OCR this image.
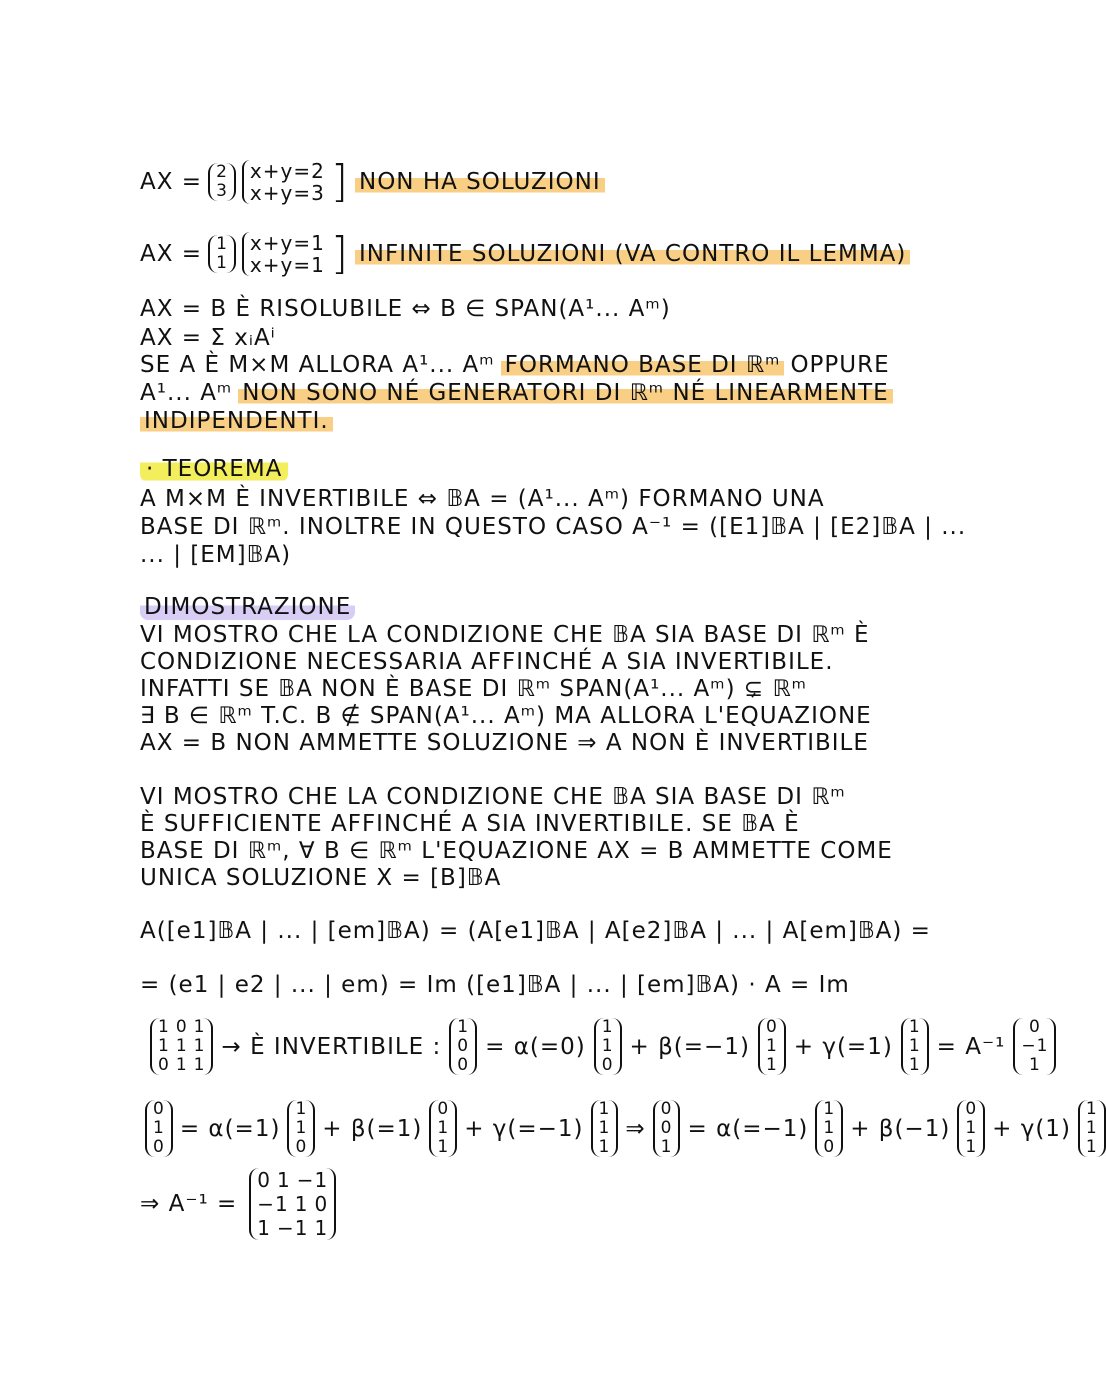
AX = 2
3
x+y=2
x+y=3 ] NON HA SOLUZIONI
AX = 1
1
x+y=1
x+y=1 ] INFINITE SOLUZIONI (VA CONTRO IL LEMMA)
AX = B È RISOLUBILE ⇔ B ∈ SPAN(A¹... Aᵐ)
AX = Σ xᵢAⁱ
SE A È M×M ALLORA A¹... Aᵐ FORMANO BASE DI ℝᵐ OPPURE
A¹... Aᵐ NON SONO NÉ GENERATORI DI ℝᵐ NÉ LINEARMENTE
INDIPENDENTI.
· TEOREMA
A M×M È INVERTIBILE ⇔ 𝔹A = (A¹... Aᵐ) FORMANO UNA
BASE DI ℝᵐ. INOLTRE IN QUESTO CASO A⁻¹ = ([E1]𝔹A | [E2]𝔹A | ...
... | [EM]𝔹A)
DIMOSTRAZIONE
VI MOSTRO CHE LA CONDIZIONE CHE 𝔹A SIA BASE DI ℝᵐ È
CONDIZIONE NECESSARIA AFFINCHÉ A SIA INVERTIBILE.
INFATTI SE 𝔹A NON È BASE DI ℝᵐ SPAN(A¹... Aᵐ) ⊊ ℝᵐ
∃ B ∈ ℝᵐ T.C. B ∉ SPAN(A¹... Aᵐ) MA ALLORA L'EQUAZIONE
AX = B NON AMMETTE SOLUZIONE ⇒ A NON È INVERTIBILE
VI MOSTRO CHE LA CONDIZIONE CHE 𝔹A SIA BASE DI ℝᵐ
È SUFFICIENTE AFFINCHÉ A SIA INVERTIBILE. SE 𝔹A È
BASE DI ℝᵐ, ∀ B ∈ ℝᵐ L'EQUAZIONE AX = B AMMETTE COME
UNICA SOLUZIONE X = [B]𝔹A
A([e1]𝔹A | ... | [em]𝔹A) = (A[e1]𝔹A | A[e2]𝔹A | ... | A[em]𝔹A) =
= (e1 | e2 | ... | em) = Im ([e1]𝔹A | ... | [em]𝔹A) · A = Im
1 0 1
1 1 1
0 1 1
→ È INVERTIBILE :
1
0
0
= α(=0)
1
1
0
+ β(=−1)
0
1
1
+ γ(=1)
1
1
1
= A⁻¹
0
−1
1
0
1
0
= α(=1)
1
1
0
+ β(=1)
0
1
1
+ γ(=−1)
1
1
1
⇒
0
0
1
= α(=−1)
1
1
0
+ β(−1)
0
1
1
+ γ(1)
1
1
1
⇒ A⁻¹ =
0 1 −1
−1 1 0
1 −1 1
